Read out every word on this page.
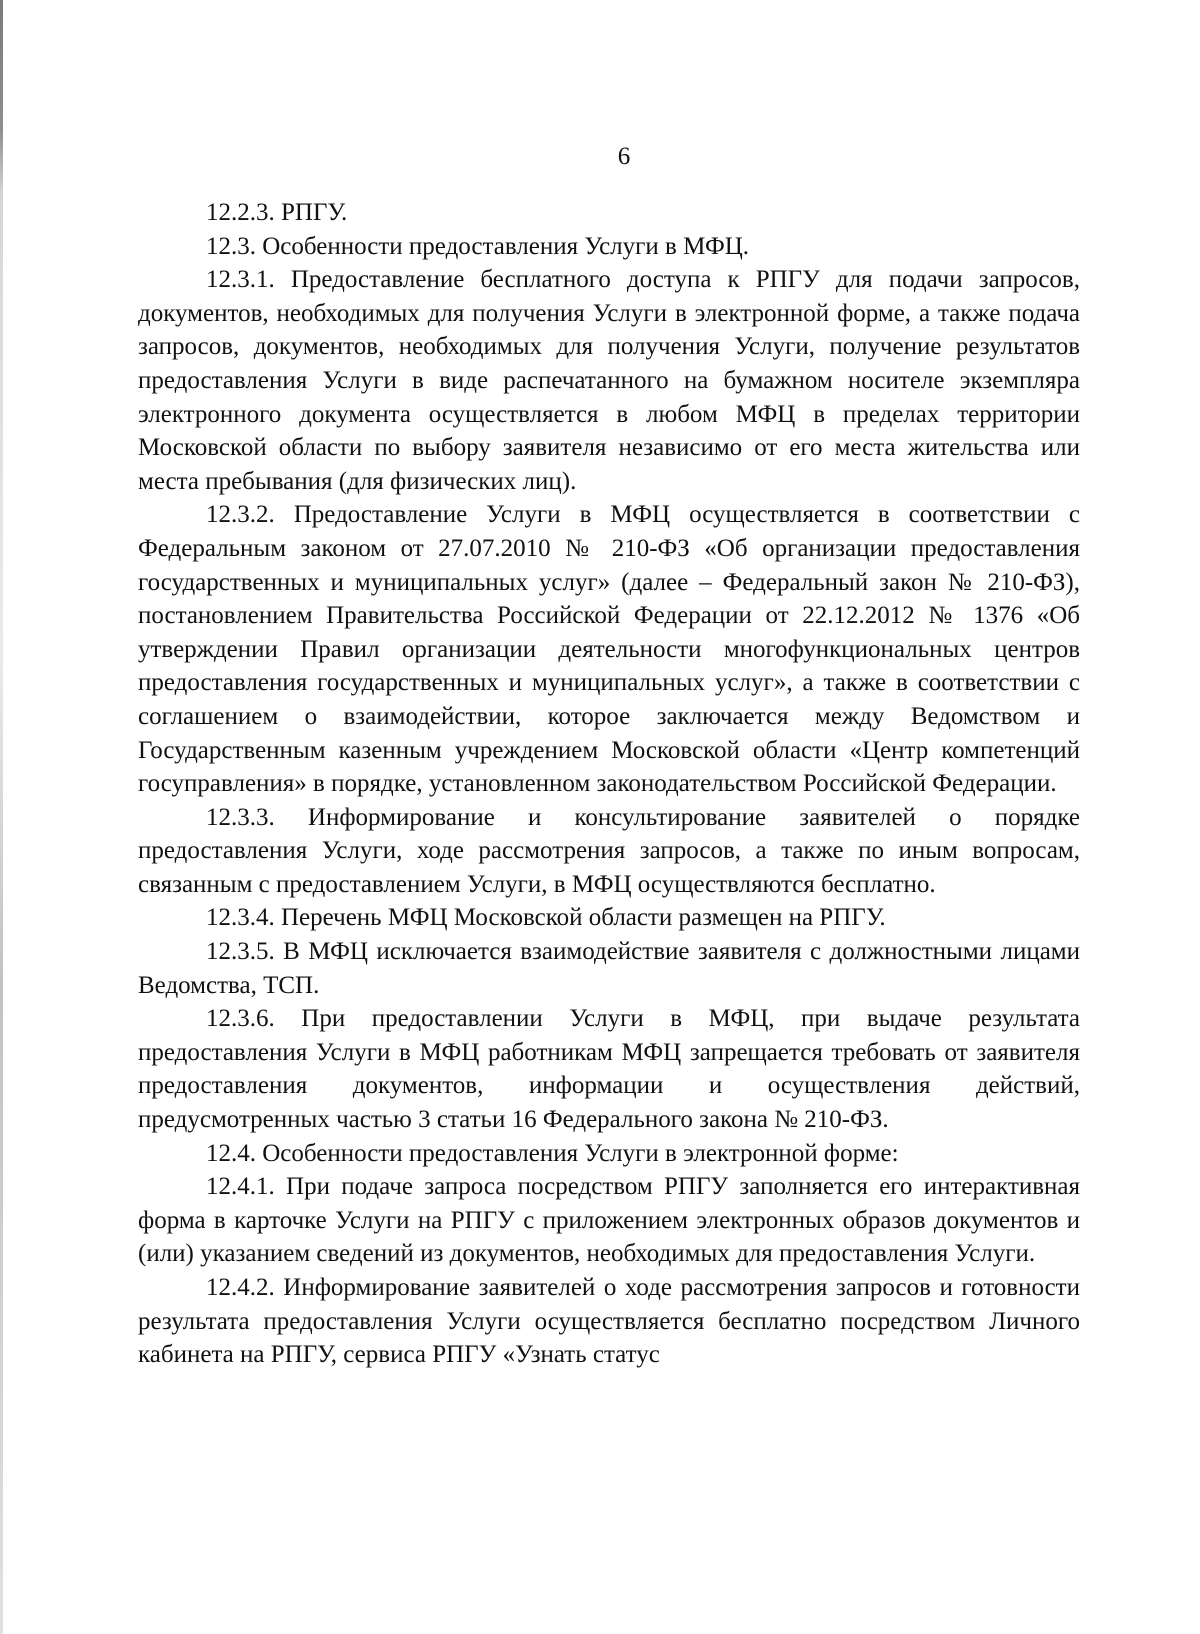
6

12.2.3. РПГУ.

12.3. Особенности предоставления Услуги в МФЦ.

12.3.1. Предоставление бесплатного доступа к РПГУ для подачи запросов, документов, необходимых для получения Услуги в электронной форме, а также подача запросов, документов, необходимых для получения Услуги, получение результатов предоставления Услуги в виде распечатанного на бумажном носителе экземпляра электронного документа осуществляется в любом МФЦ в пределах территории Московской области по выбору заявителя независимо от его места жительства или места пребывания (для физических лиц).

12.3.2. Предоставление Услуги в МФЦ осуществляется в соответствии с Федеральным законом от 27.07.2010 № 210-ФЗ «Об организации предоставления государственных и муниципальных услуг» (далее – Федеральный закон № 210-ФЗ), постановлением Правительства Российской Федерации от 22.12.2012 № 1376 «Об утверждении Правил организации деятельности многофункциональных центров предоставления государственных и муниципальных услуг», а также в соответствии с соглашением о взаимодействии, которое заключается между Ведомством и Государственным казенным учреждением Московской области «Центр компетенций госуправления» в порядке, установленном законодательством Российской Федерации.

12.3.3. Информирование и консультирование заявителей о порядке предоставления Услуги, ходе рассмотрения запросов, а также по иным вопросам, связанным с предоставлением Услуги, в МФЦ осуществляются бесплатно.

12.3.4. Перечень МФЦ Московской области размещен на РПГУ.

12.3.5. В МФЦ исключается взаимодействие заявителя с должностными лицами Ведомства, ТСП.

12.3.6. При предоставлении Услуги в МФЦ, при выдаче результата предоставления Услуги в МФЦ работникам МФЦ запрещается требовать от заявителя предоставления документов, информации и осуществления действий, предусмотренных частью 3 статьи 16 Федерального закона № 210-ФЗ.

12.4. Особенности предоставления Услуги в электронной форме:

12.4.1. При подаче запроса посредством РПГУ заполняется его интерактивная форма в карточке Услуги на РПГУ с приложением электронных образов документов и (или) указанием сведений из документов, необходимых для предоставления Услуги.

12.4.2. Информирование заявителей о ходе рассмотрения запросов и готовности результата предоставления Услуги осуществляется бесплатно посредством Личного кабинета на РПГУ, сервиса РПГУ «Узнать статус
